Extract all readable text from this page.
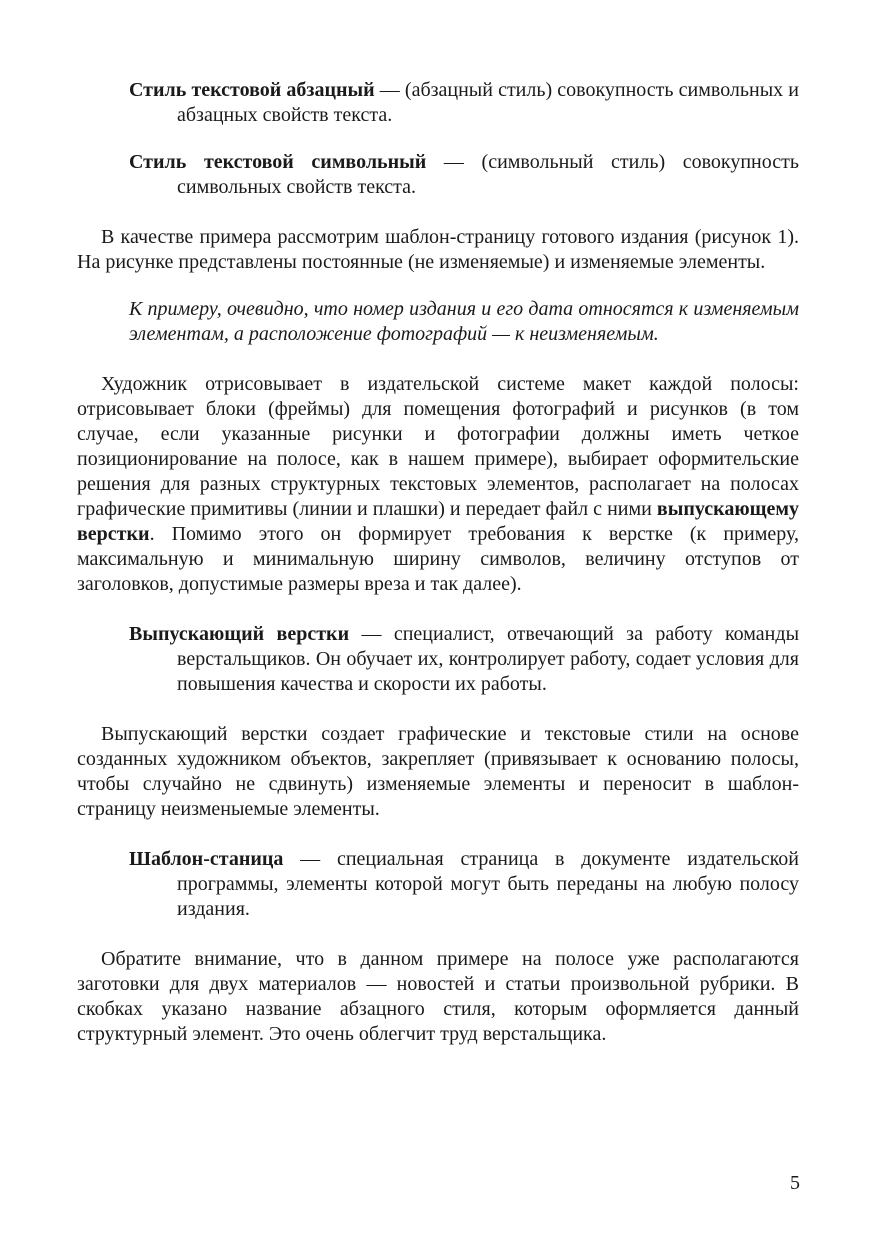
Стиль текстовой абзацный — (абзацный стиль) совокупность символьных и абзацных свойств текста.

Стиль текстовой символьный — (символьный стиль) совокупность символьных свойств текста.

В качестве примера рассмотрим шаблон-страницу готового издания (рисунок 1). На рисунке представлены постоянные (не изменяемые) и изменяемые элементы.

К примеру, очевидно, что номер издания и его дата относятся к изменяемым элементам, а расположение фотографий — к неизменяемым.

Художник отрисовывает в издательской системе макет каждой полосы: отрисовывает блоки (фреймы) для помещения фотографий и рисунков (в том случае, если указанные рисунки и фотографии должны иметь четкое позиционирование на полосе, как в нашем примере), выбирает оформительские решения для разных структурных текстовых элементов, располагает на полосах графические примитивы (линии и плашки) и передает файл с ними выпускающему верстки. Помимо этого он формирует требования к верстке (к примеру, максимальную и минимальную ширину символов, величину отступов от заголовков, допустимые размеры вреза и так далее).

Выпускающий верстки — специалист, отвечающий за работу команды верстальщиков. Он обучает их, контролирует работу, содает условия для повышения качества и скорости их работы.

Выпускающий верстки создает графические и текстовые стили на основе созданных художником объектов, закрепляет (привязывает к основанию полосы, чтобы случайно не сдвинуть) изменяемые элементы и переносит в шаблон-страницу неизменыемые элементы.

Шаблон-станица — специальная страница в документе издательской программы, элементы которой могут быть переданы на любую полосу издания.

Обратите внимание, что в данном примере на полосе уже располагаются заготовки для двух материалов — новостей и статьи произвольной рубрики. В скобках указано название абзацного стиля, которым оформляется данный структурный элемент. Это очень облегчит труд верстальщика.

5
